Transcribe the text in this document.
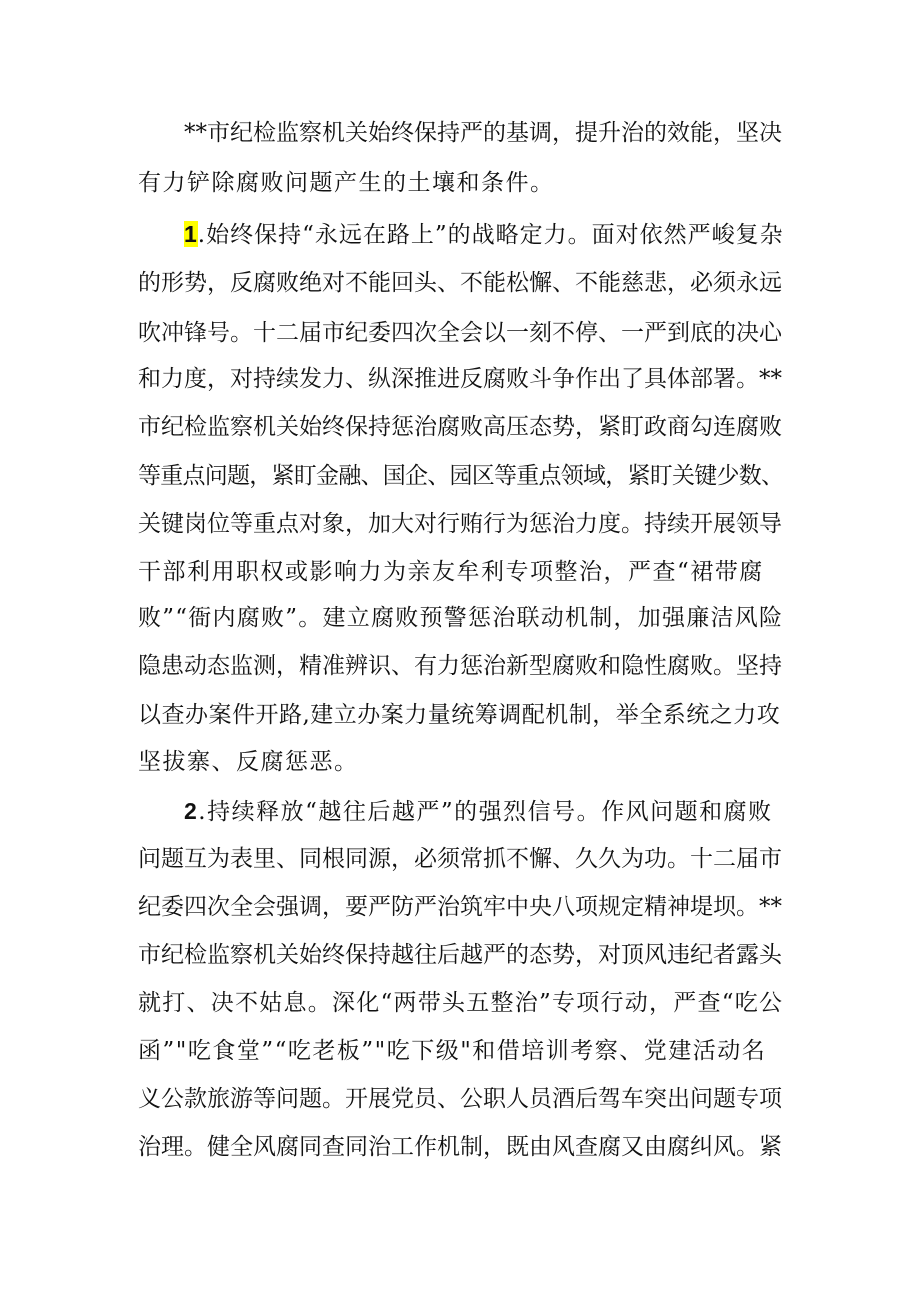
**市纪检监察机关始终保持严的基调，提升治的效能，坚决
有力铲除腐败问题产生的土壤和条件。
1.始终保持“永远在路上”的战略定力。面对依然严峻复杂
的形势，反腐败绝对不能回头、不能松懈、不能慈悲，必须永远
吹冲锋号。十二届市纪委四次全会以一刻不停、一严到底的决心
和力度，对持续发力、纵深推进反腐败斗争作出了具体部署。**
市纪检监察机关始终保持惩治腐败高压态势，紧盯政商勾连腐败
等重点问题，紧盯金融、国企、园区等重点领域，紧盯关键少数、
关键岗位等重点对象，加大对行贿行为惩治力度。持续开展领导
干部利用职权或影响力为亲友牟利专项整治，严查“裙带腐
败”“衙内腐败”。建立腐败预警惩治联动机制，加强廉洁风险
隐患动态监测，精准辨识、有力惩治新型腐败和隐性腐败。坚持
以查办案件开路,建立办案力量统筹调配机制，举全系统之力攻
坚拔寨、反腐惩恶。
2.持续释放“越往后越严”的强烈信号。作风问题和腐败
问题互为表里、同根同源，必须常抓不懈、久久为功。十二届市
纪委四次全会强调，要严防严治筑牢中央八项规定精神堤坝。**
市纪检监察机关始终保持越往后越严的态势，对顶风违纪者露头
就打、决不姑息。深化“两带头五整治”专项行动，严查“吃公
函”"吃食堂”“吃老板”"吃下级"和借培训考察、党建活动名
义公款旅游等问题。开展党员、公职人员酒后驾车突出问题专项
治理。健全风腐同查同治工作机制，既由风查腐又由腐纠风。紧
